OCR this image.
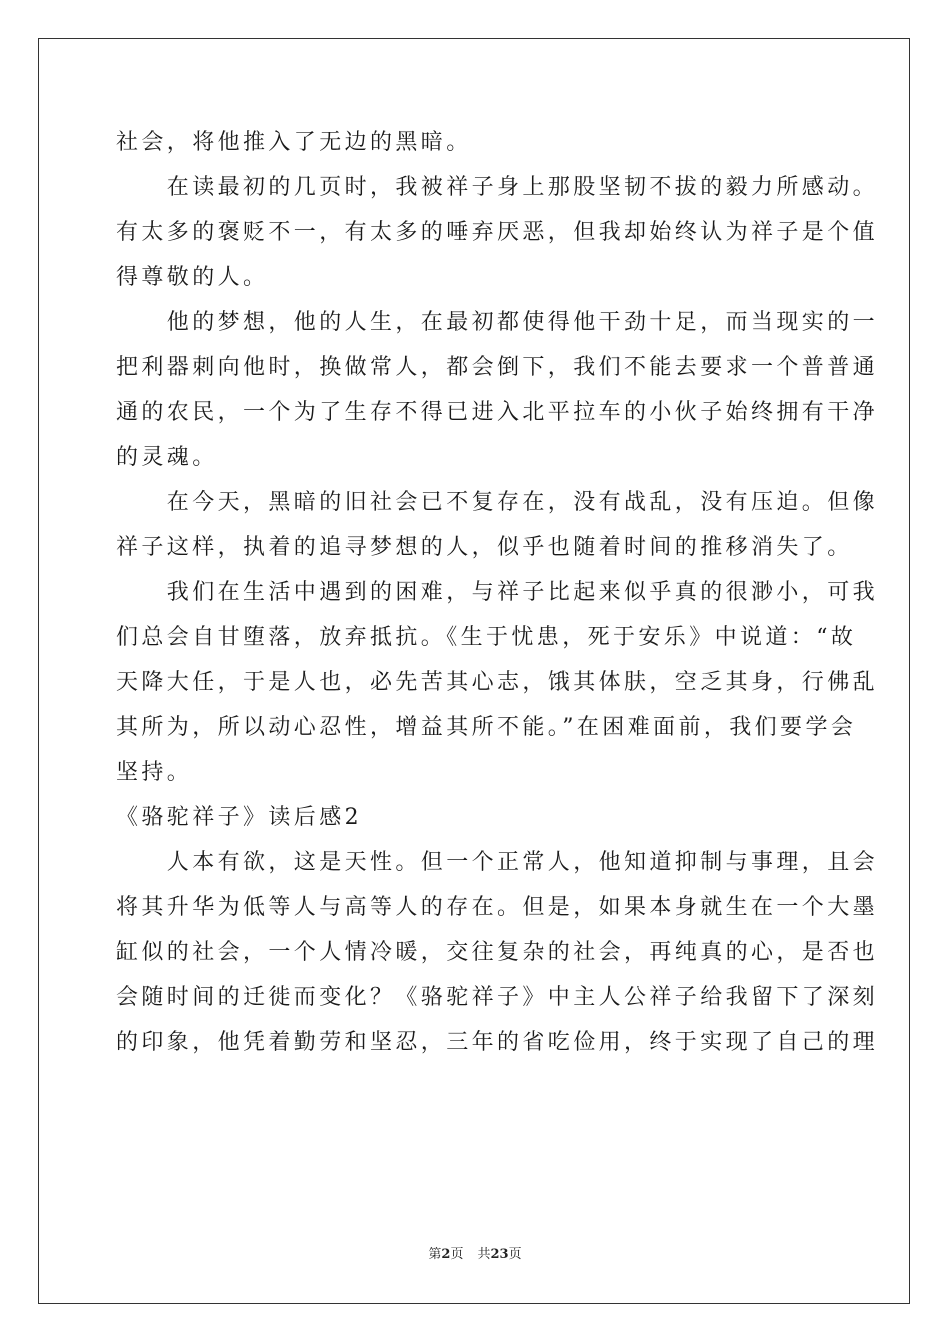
社会，将他推入了无边的黑暗。
　　在读最初的几页时，我被祥子身上那股坚韧不拔的毅力所感动。
有太多的褒贬不一，有太多的唾弃厌恶，但我却始终认为祥子是个值
得尊敬的人。
　　他的梦想，他的人生，在最初都使得他干劲十足，而当现实的一
把利器刺向他时，换做常人，都会倒下，我们不能去要求一个普普通
通的农民，一个为了生存不得已进入北平拉车的小伙子始终拥有干净
的灵魂。
　　在今天，黑暗的旧社会已不复存在，没有战乱，没有压迫。但像
祥子这样，执着的追寻梦想的人，似乎也随着时间的推移消失了。
　　我们在生活中遇到的困难，与祥子比起来似乎真的很渺小，可我
们总会自甘堕落，放弃抵抗。《生于忧患，死于安乐》中说道：“故
天降大任，于是人也，必先苦其心志，饿其体肤，空乏其身，行佛乱
其所为，所以动心忍性，增益其所不能。”在困难面前，我们要学会
坚持。
《骆驼祥子》读后感2
　　人本有欲，这是天性。但一个正常人，他知道抑制与事理，且会
将其升华为低等人与高等人的存在。但是，如果本身就生在一个大墨
缸似的社会，一个人情冷暖，交往复杂的社会，再纯真的心，是否也
会随时间的迁徙而变化？《骆驼祥子》中主人公祥子给我留下了深刻
的印象，他凭着勤劳和坚忍，三年的省吃俭用，终于实现了自己的理
第2页 共23页
